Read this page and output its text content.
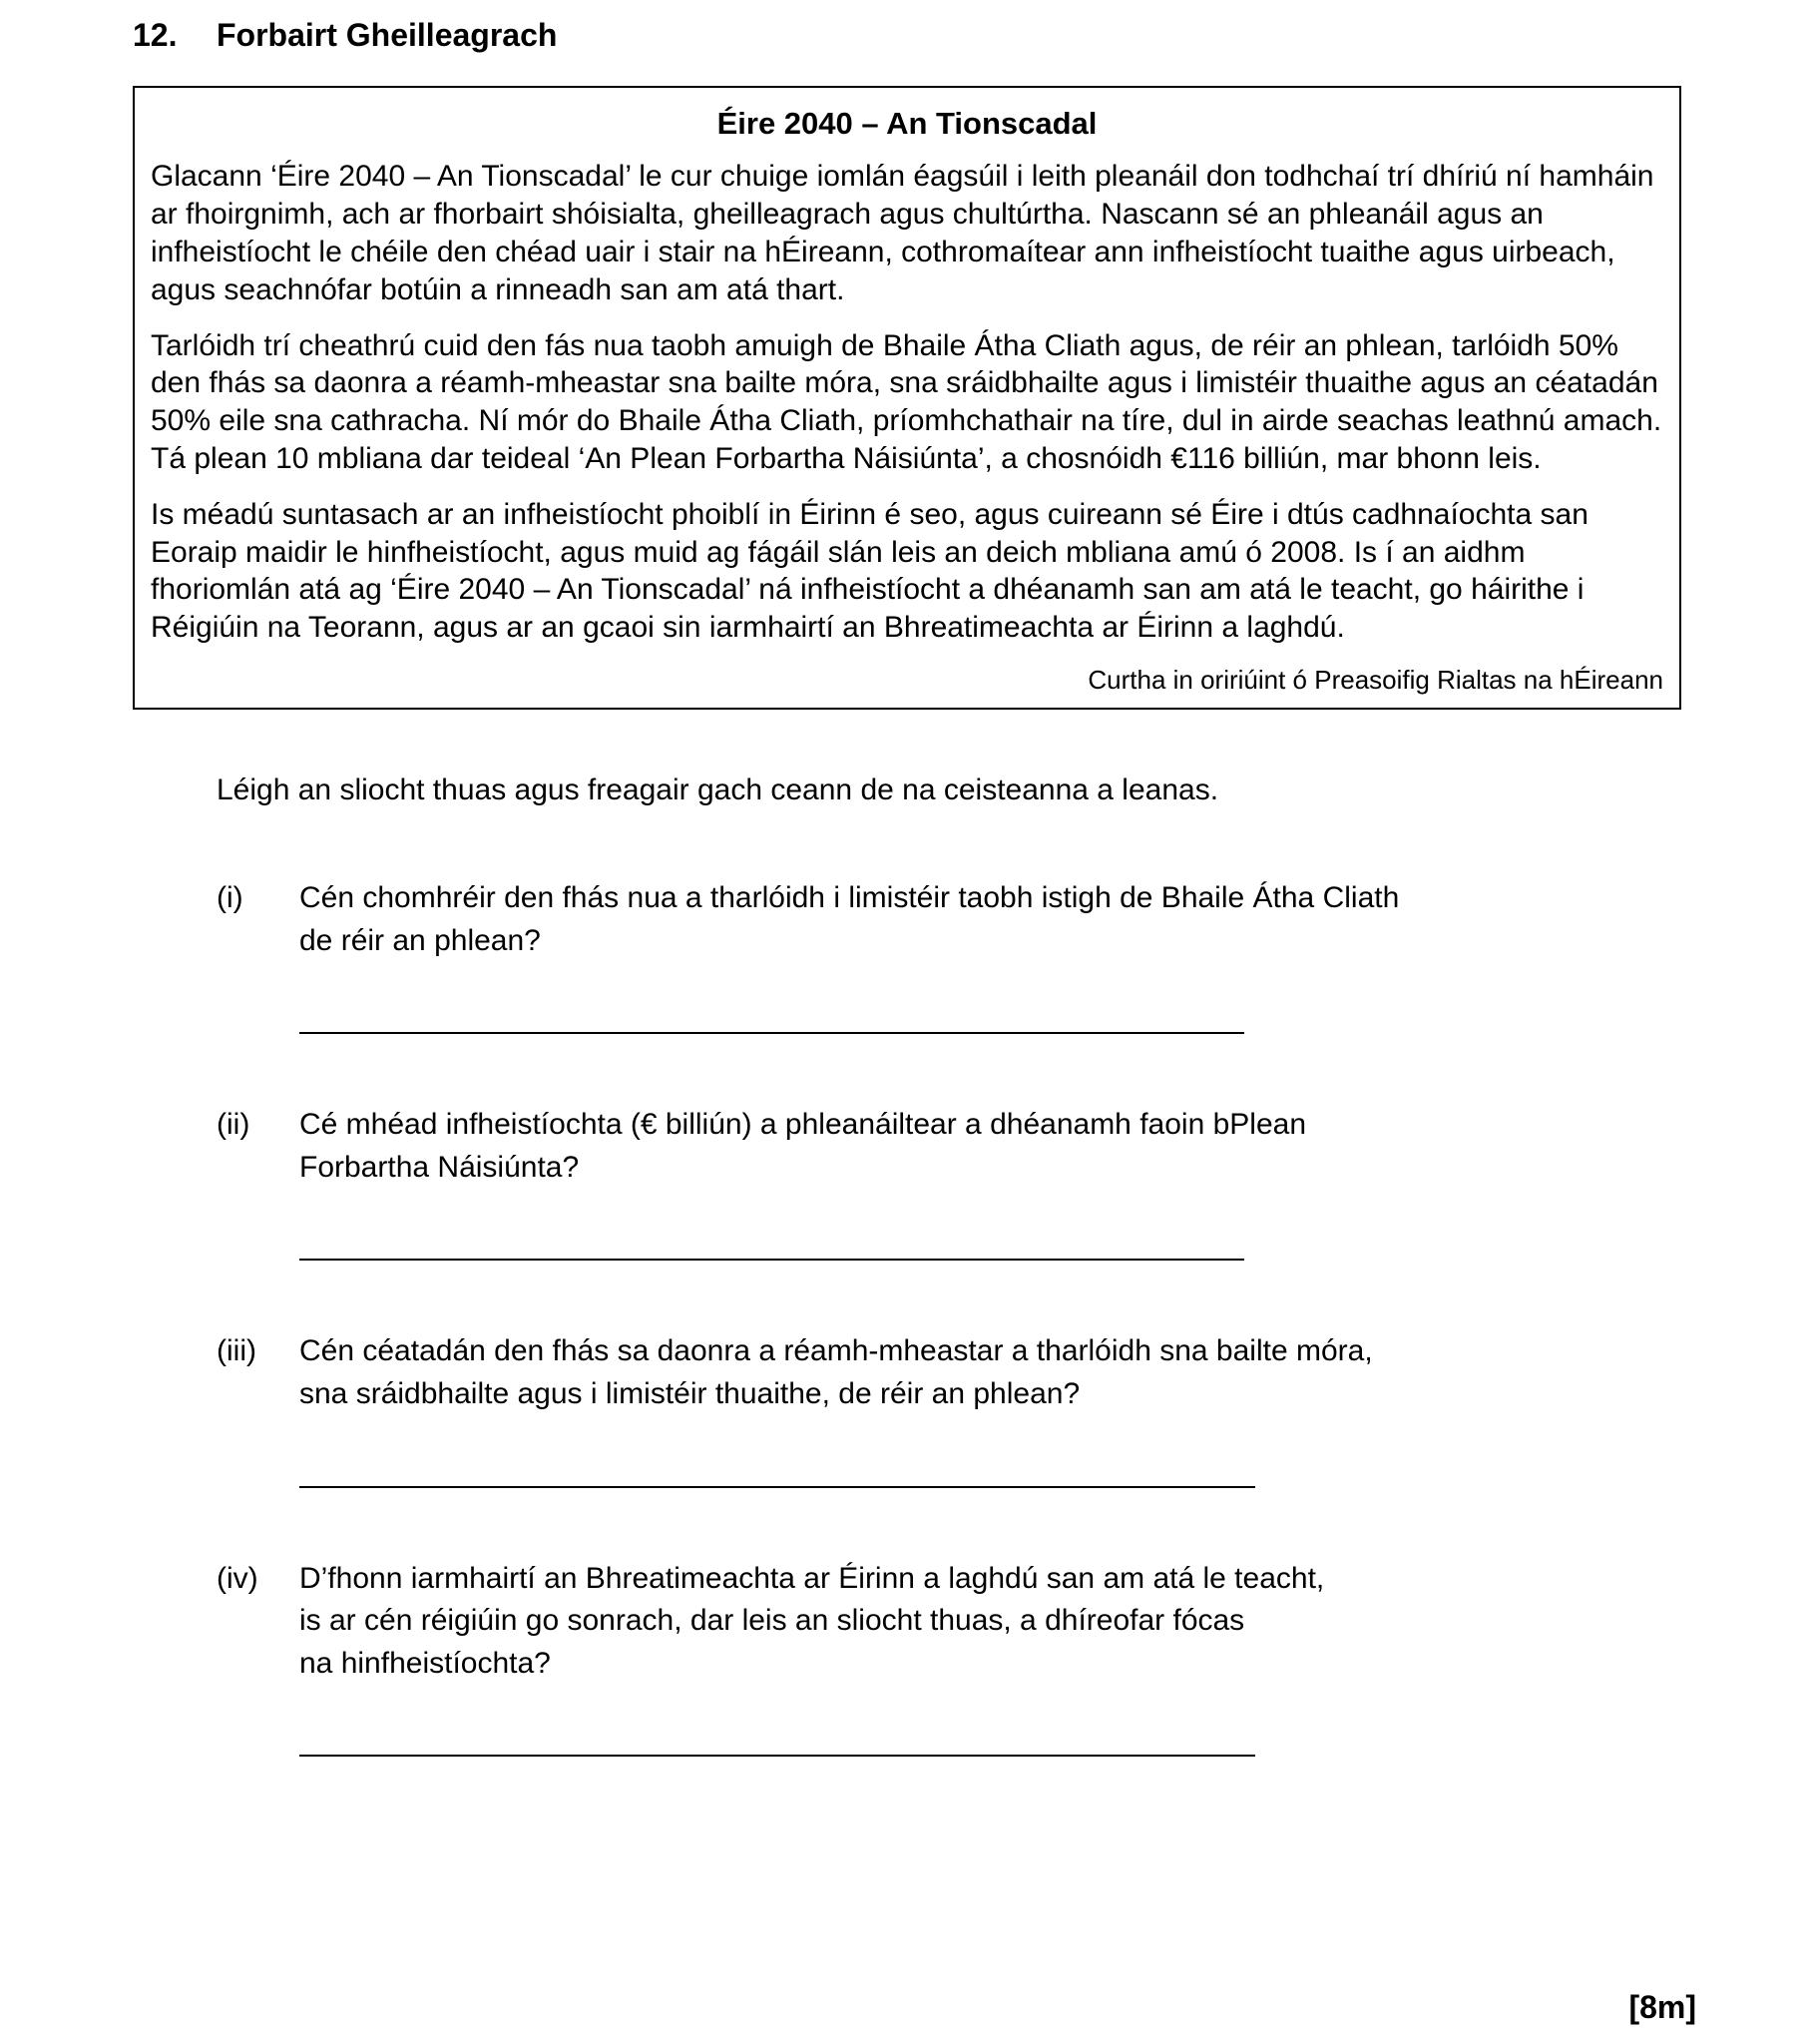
12.	Forbairt Gheilleagrach
Éire 2040 – An Tionscadal

Glacann ‘Éire 2040 – An Tionscadal’ le cur chuige iomlán éagsúil i leith pleanáil don todhchaí trí dhíriú ní hamháin ar fhoirgnimh, ach ar fhorbairt shóisialta, gheilleagrach agus chultúrtha. Nascann sé an phleanáil agus an infheistíocht le chéile den chéad uair i stair na hÉireann, cothromaítear ann infheistíocht tuaithe agus uirbeach, agus seachnófar botúin a rinneadh san am atá thart.

Tarlóidh trí cheathrú cuid den fás nua taobh amuigh de Bhaile Átha Cliath agus, de réir an phlean, tarlóidh 50% den fhás sa daonra a réamh-mheastar sna bailte móra, sna sráidbhailte agus i limistéir thuaithe agus an céatadán 50% eile sna cathracha. Ní mór do Bhaile Átha Cliath, príomhchathair na tíre, dul in airde seachas leathnú amach. Tá plean 10 mbliana dar teideal ‘An Plean Forbartha Náisiúnta’, a chosnóidh €116 billiún, mar bhonn leis.

Is méadú suntasach ar an infheistíocht phoiblí in Éirinn é seo, agus cuireann sé Éire i dtús cadhnaíochta san Eoraip maidir le hinfheistíocht, agus muid ag fágáil slán leis an deich mbliana amú ó 2008. Is í an aidhm fhoriomlán atá ag ‘Éire 2040 – An Tionscadal’ ná infheistíocht a dhéanamh san am atá le teacht, go háirithe i Réigiúin na Teorann, agus ar an gcaoi sin iarmhairtí an Bhreatimeachta ar Éirinn a laghdú.

Curtha in oririúint ó Preasoifig Rialtas na hÉireann
Léigh an sliocht thuas agus freagair gach ceann de na ceisteanna a leanas.
(i)	Cén chomhréir den fhás nua a tharlóidh i limistéir taobh istigh de Bhaile Átha Cliath
de réir an phlean?
(ii)	Cé mhéad infheistíochta (€ billiún) a phleanáiltear a dhéanamh faoin bPlean
Forbartha Náisiúnta?
(iii)	Cén céatadán den fhás sa daonra a réamh-mheastar a tharlóidh sna bailte móra,
sna sráidbhailte agus i limistéir thuaithe, de réir an phlean?
(iv)	D’fhonn iarmhairtí an Bhreatimeachta ar Éirinn a laghdú san am atá le teacht,
is ar cén réigiúin go sonrach, dar leis an sliocht thuas, a dhíreofar fócas
na hinfheistíochta?
[8m]
